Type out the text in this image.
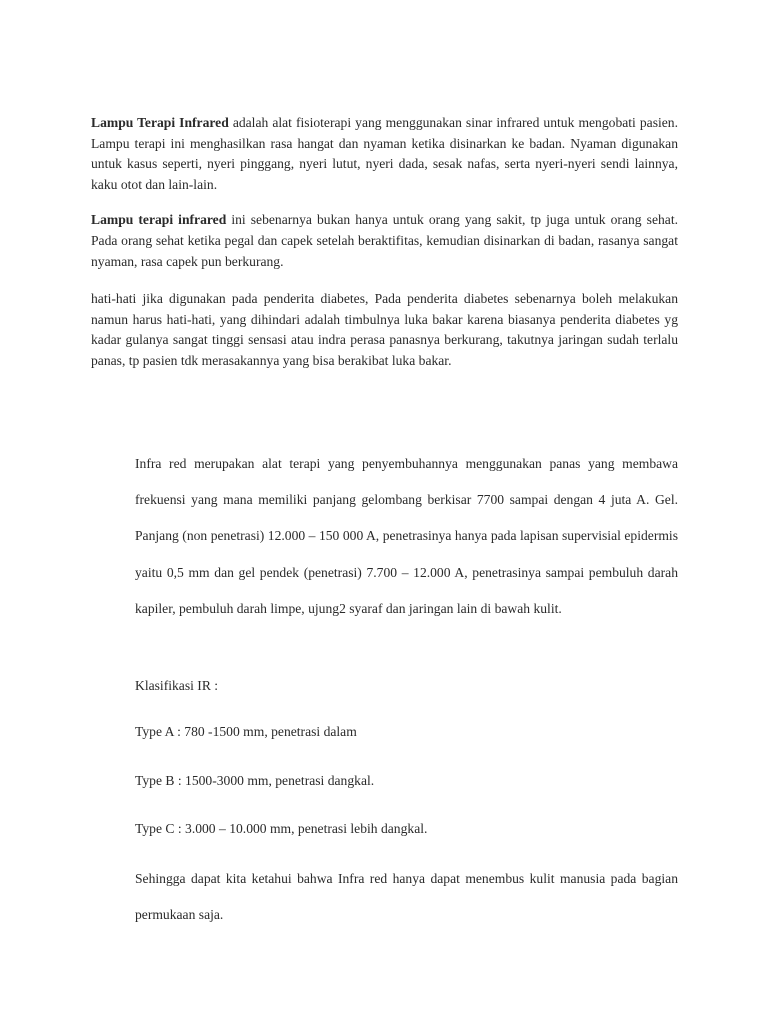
Lampu Terapi Infrared adalah alat fisioterapi yang menggunakan sinar infrared untuk mengobati pasien. Lampu terapi ini menghasilkan rasa hangat dan nyaman ketika disinarkan ke badan. Nyaman digunakan untuk kasus seperti, nyeri pinggang, nyeri lutut, nyeri dada, sesak nafas, serta nyeri-nyeri sendi lainnya, kaku otot dan lain-lain.

Lampu terapi infrared ini sebenarnya bukan hanya untuk orang yang sakit, tp juga untuk orang sehat. Pada orang sehat ketika pegal dan capek setelah beraktifitas, kemudian disinarkan di badan, rasanya sangat nyaman, rasa capek pun berkurang.

hati-hati jika digunakan pada penderita diabetes, Pada penderita diabetes sebenarnya boleh melakukan namun harus hati-hati, yang dihindari adalah timbulnya luka bakar karena biasanya penderita diabetes yg kadar gulanya sangat tinggi sensasi atau indra perasa panasnya berkurang, takutnya jaringan sudah terlalu panas, tp pasien tdk merasakannya yang bisa berakibat luka bakar.

Infra red merupakan alat terapi yang penyembuhannya menggunakan panas yang membawa frekuensi yang mana memiliki panjang gelombang berkisar 7700 sampai dengan 4 juta A. Gel. Panjang (non penetrasi) 12.000 – 150 000 A, penetrasinya hanya pada lapisan supervisial epidermis yaitu 0,5 mm dan gel pendek (penetrasi) 7.700 – 12.000 A, penetrasinya sampai pembuluh darah kapiler, pembuluh darah limpe, ujung2 syaraf dan jaringan lain di bawah kulit.

Klasifikasi IR :
Type A : 780 -1500 mm, penetrasi dalam
Type B : 1500-3000 mm, penetrasi dangkal.
Type C : 3.000 – 10.000 mm, penetrasi lebih dangkal.

Sehingga dapat kita ketahui bahwa Infra red hanya dapat menembus kulit manusia pada bagian permukaan saja.
